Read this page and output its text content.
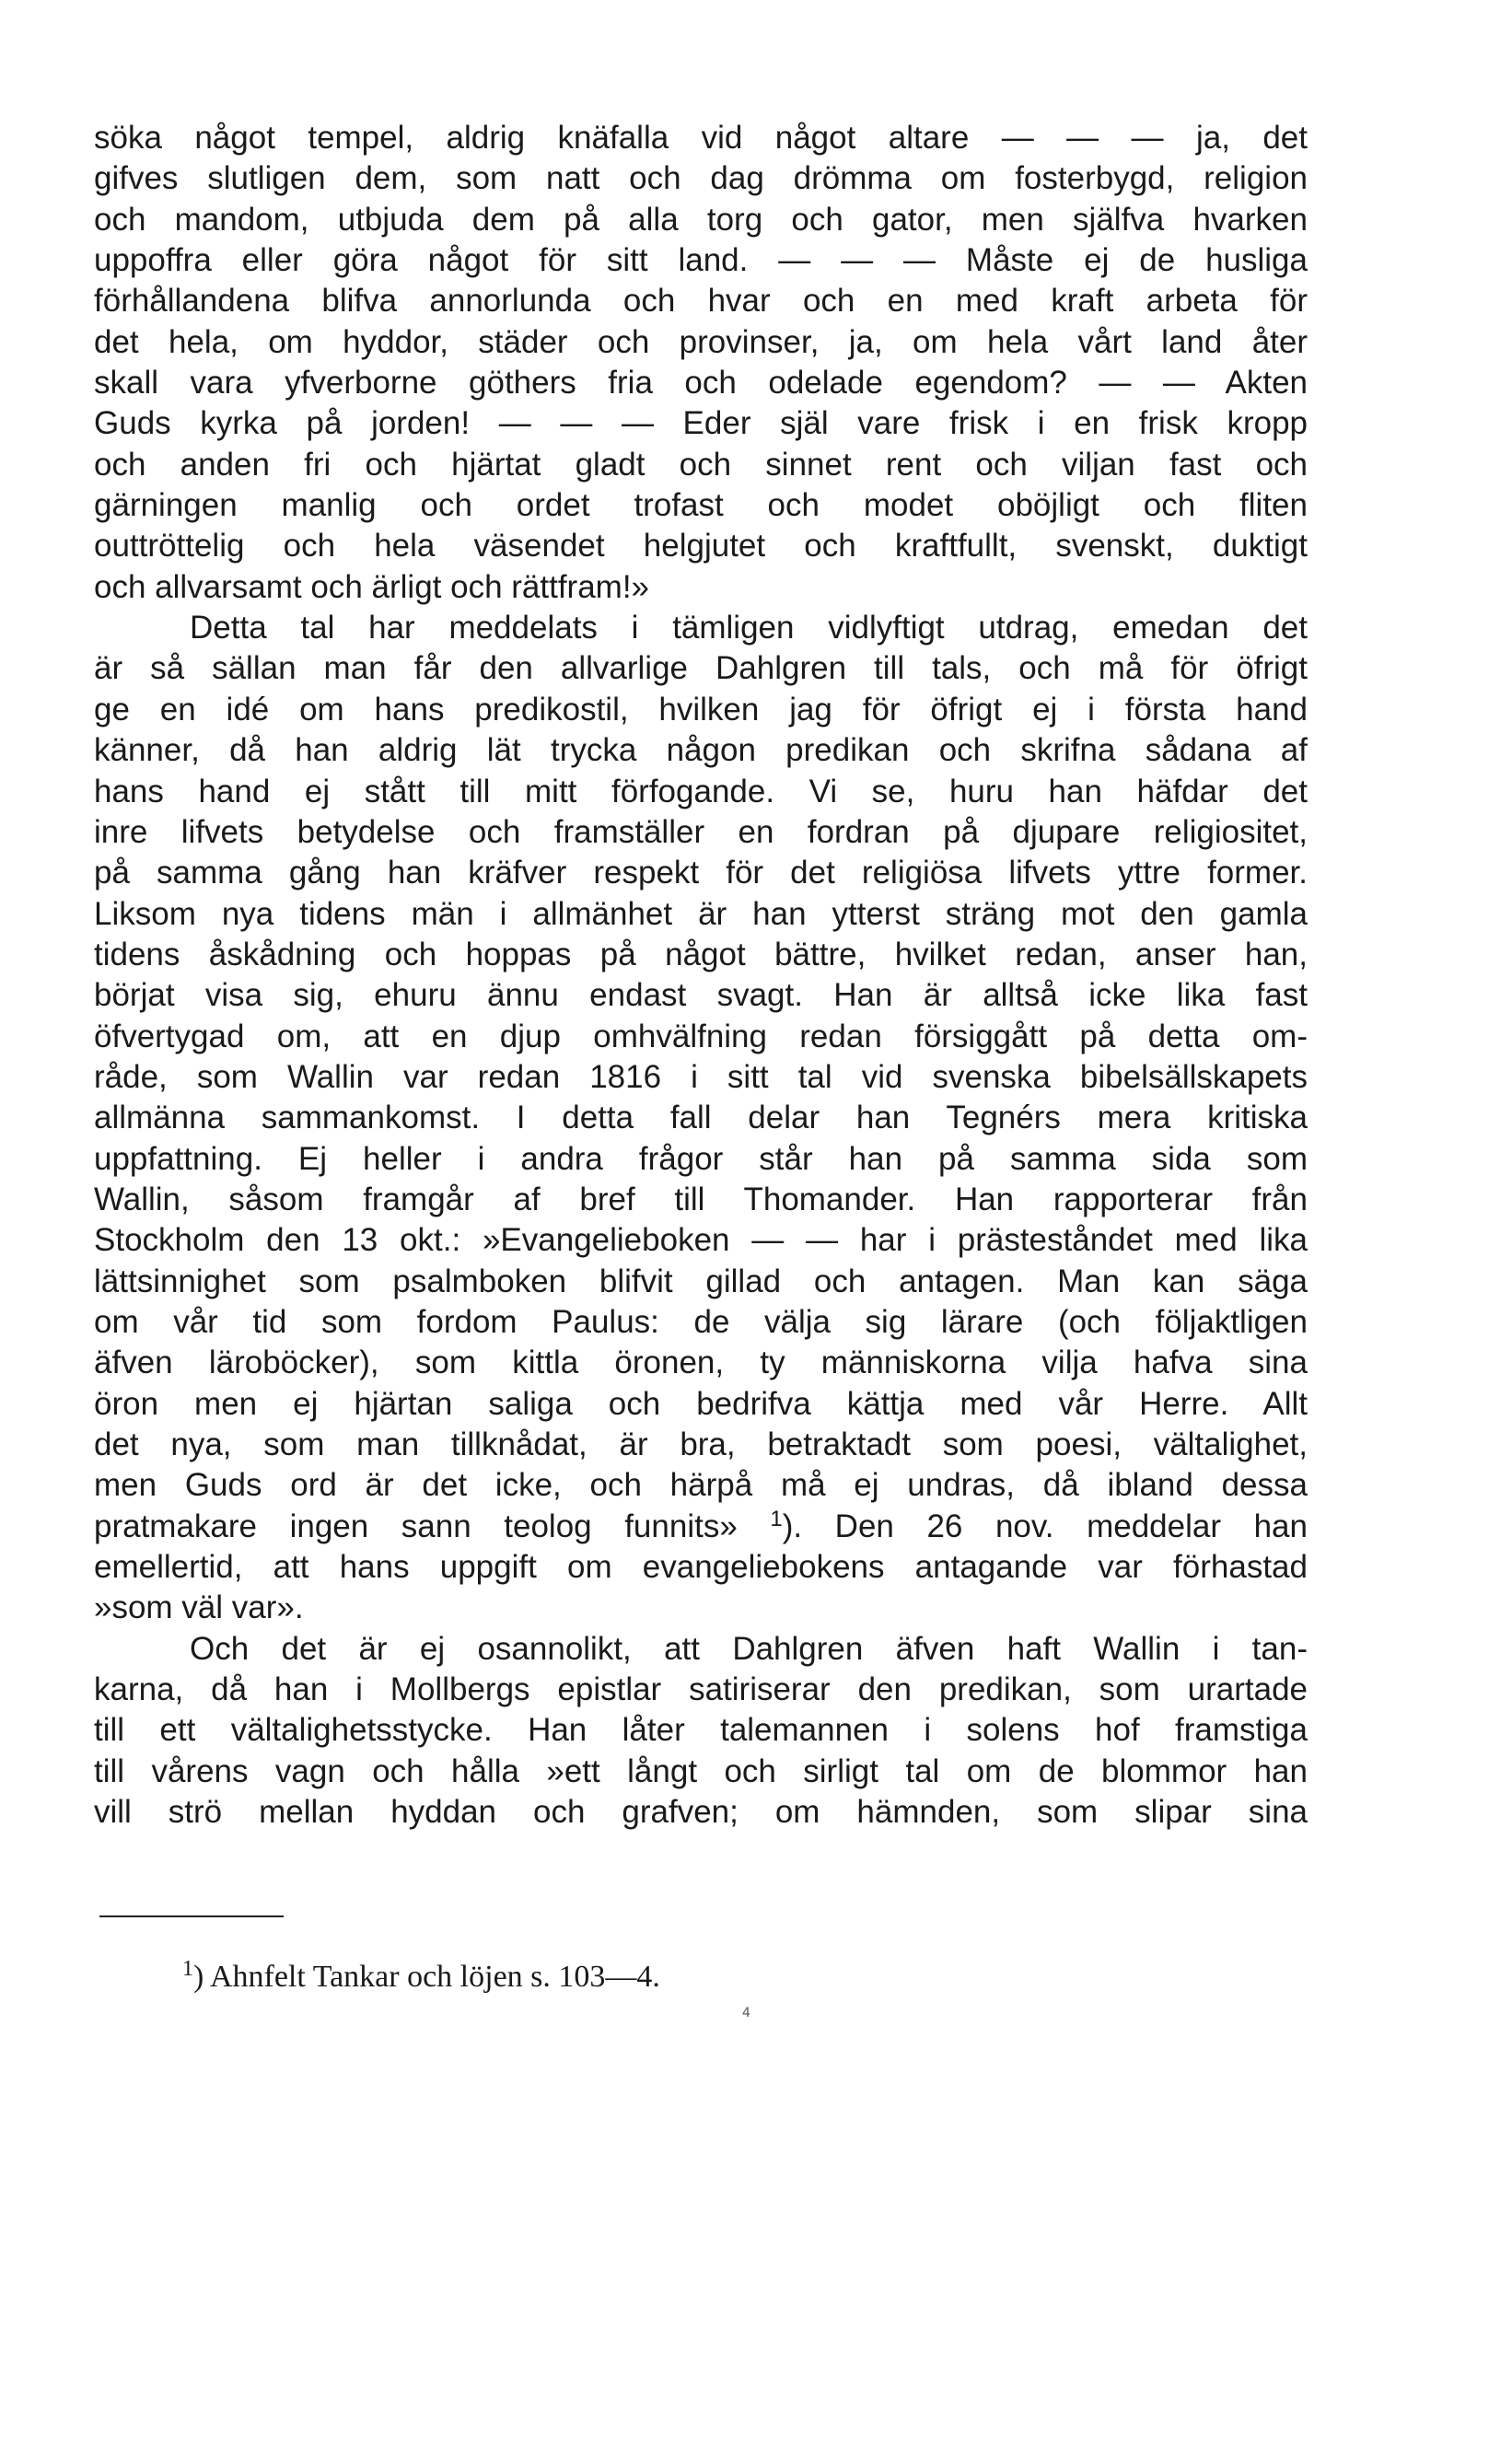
söka något tempel, aldrig knäfalla vid något altare — — — ja, det
gifves slutligen dem, som natt och dag drömma om fosterbygd, religion
och mandom, utbjuda dem på alla torg och gator, men själfva hvarken
uppoffra eller göra något för sitt land. — — — Måste ej de husliga
förhållandena blifva annorlunda och hvar och en med kraft arbeta för
det hela, om hyddor, städer och provinser, ja, om hela vårt land åter
skall vara yfverborne göthers fria och odelade egendom? — — Akten
Guds kyrka på jorden! — — — Eder själ vare frisk i en frisk kropp
och anden fri och hjärtat gladt och sinnet rent och viljan fast och
gärningen manlig och ordet trofast och modet oböjligt och fliten
outtröttelig och hela väsendet helgjutet och kraftfullt, svenskt, duktigt
och allvarsamt och ärligt och rättfram!»
Detta tal har meddelats i tämligen vidlyftigt utdrag, emedan det
är så sällan man får den allvarlige Dahlgren till tals, och må för öfrigt
ge en idé om hans predikostil, hvilken jag för öfrigt ej i första hand
känner, då han aldrig lät trycka någon predikan och skrifna sådana af
hans hand ej stått till mitt förfogande. Vi se, huru han häfdar det
inre lifvets betydelse och framställer en fordran på djupare religiositet,
på samma gång han kräfver respekt för det religiösa lifvets yttre former.
Liksom nya tidens män i allmänhet är han ytterst sträng mot den gamla
tidens åskådning och hoppas på något bättre, hvilket redan, anser han,
börjat visa sig, ehuru ännu endast svagt. Han är alltså icke lika fast
öfvertygad om, att en djup omhvälfning redan försiggått på detta om-
råde, som Wallin var redan 1816 i sitt tal vid svenska bibelsällskapets
allmänna sammankomst. I detta fall delar han Tegnérs mera kritiska
uppfattning. Ej heller i andra frågor står han på samma sida som
Wallin, såsom framgår af bref till Thomander. Han rapporterar från
Stockholm den 13 okt.: »Evangelieboken — — har i prästeståndet med lika
lättsinnighet som psalmboken blifvit gillad och antagen. Man kan säga
om vår tid som fordom Paulus: de välja sig lärare (och följaktligen
äfven läroböcker), som kittla öronen, ty människorna vilja hafva sina
öron men ej hjärtan saliga och bedrifva kättja med vår Herre. Allt
det nya, som man tillknådat, är bra, betraktadt som poesi, vältalighet,
men Guds ord är det icke, och härpå må ej undras, då ibland dessa
pratmakare ingen sann teolog funnits» $^1$). Den 26 nov. meddelar han
emellertid, att hans uppgift om evangeliebokens antagande var förhastad
»som väl var».
Och det är ej osannolikt, att Dahlgren äfven haft Wallin i tan-
karna, då han i Mollbergs epistlar satiriserar den predikan, som urartade
till ett vältalighetsstycke. Han låter talemannen i solens hof framstiga
till vårens vagn och hålla »ett långt och sirligt tal om de blommor han
vill strö mellan hyddan och grafven; om hämnden, som slipar sina
$^1$) Ahnfelt Tankar och löjen s. 103—4.
4
